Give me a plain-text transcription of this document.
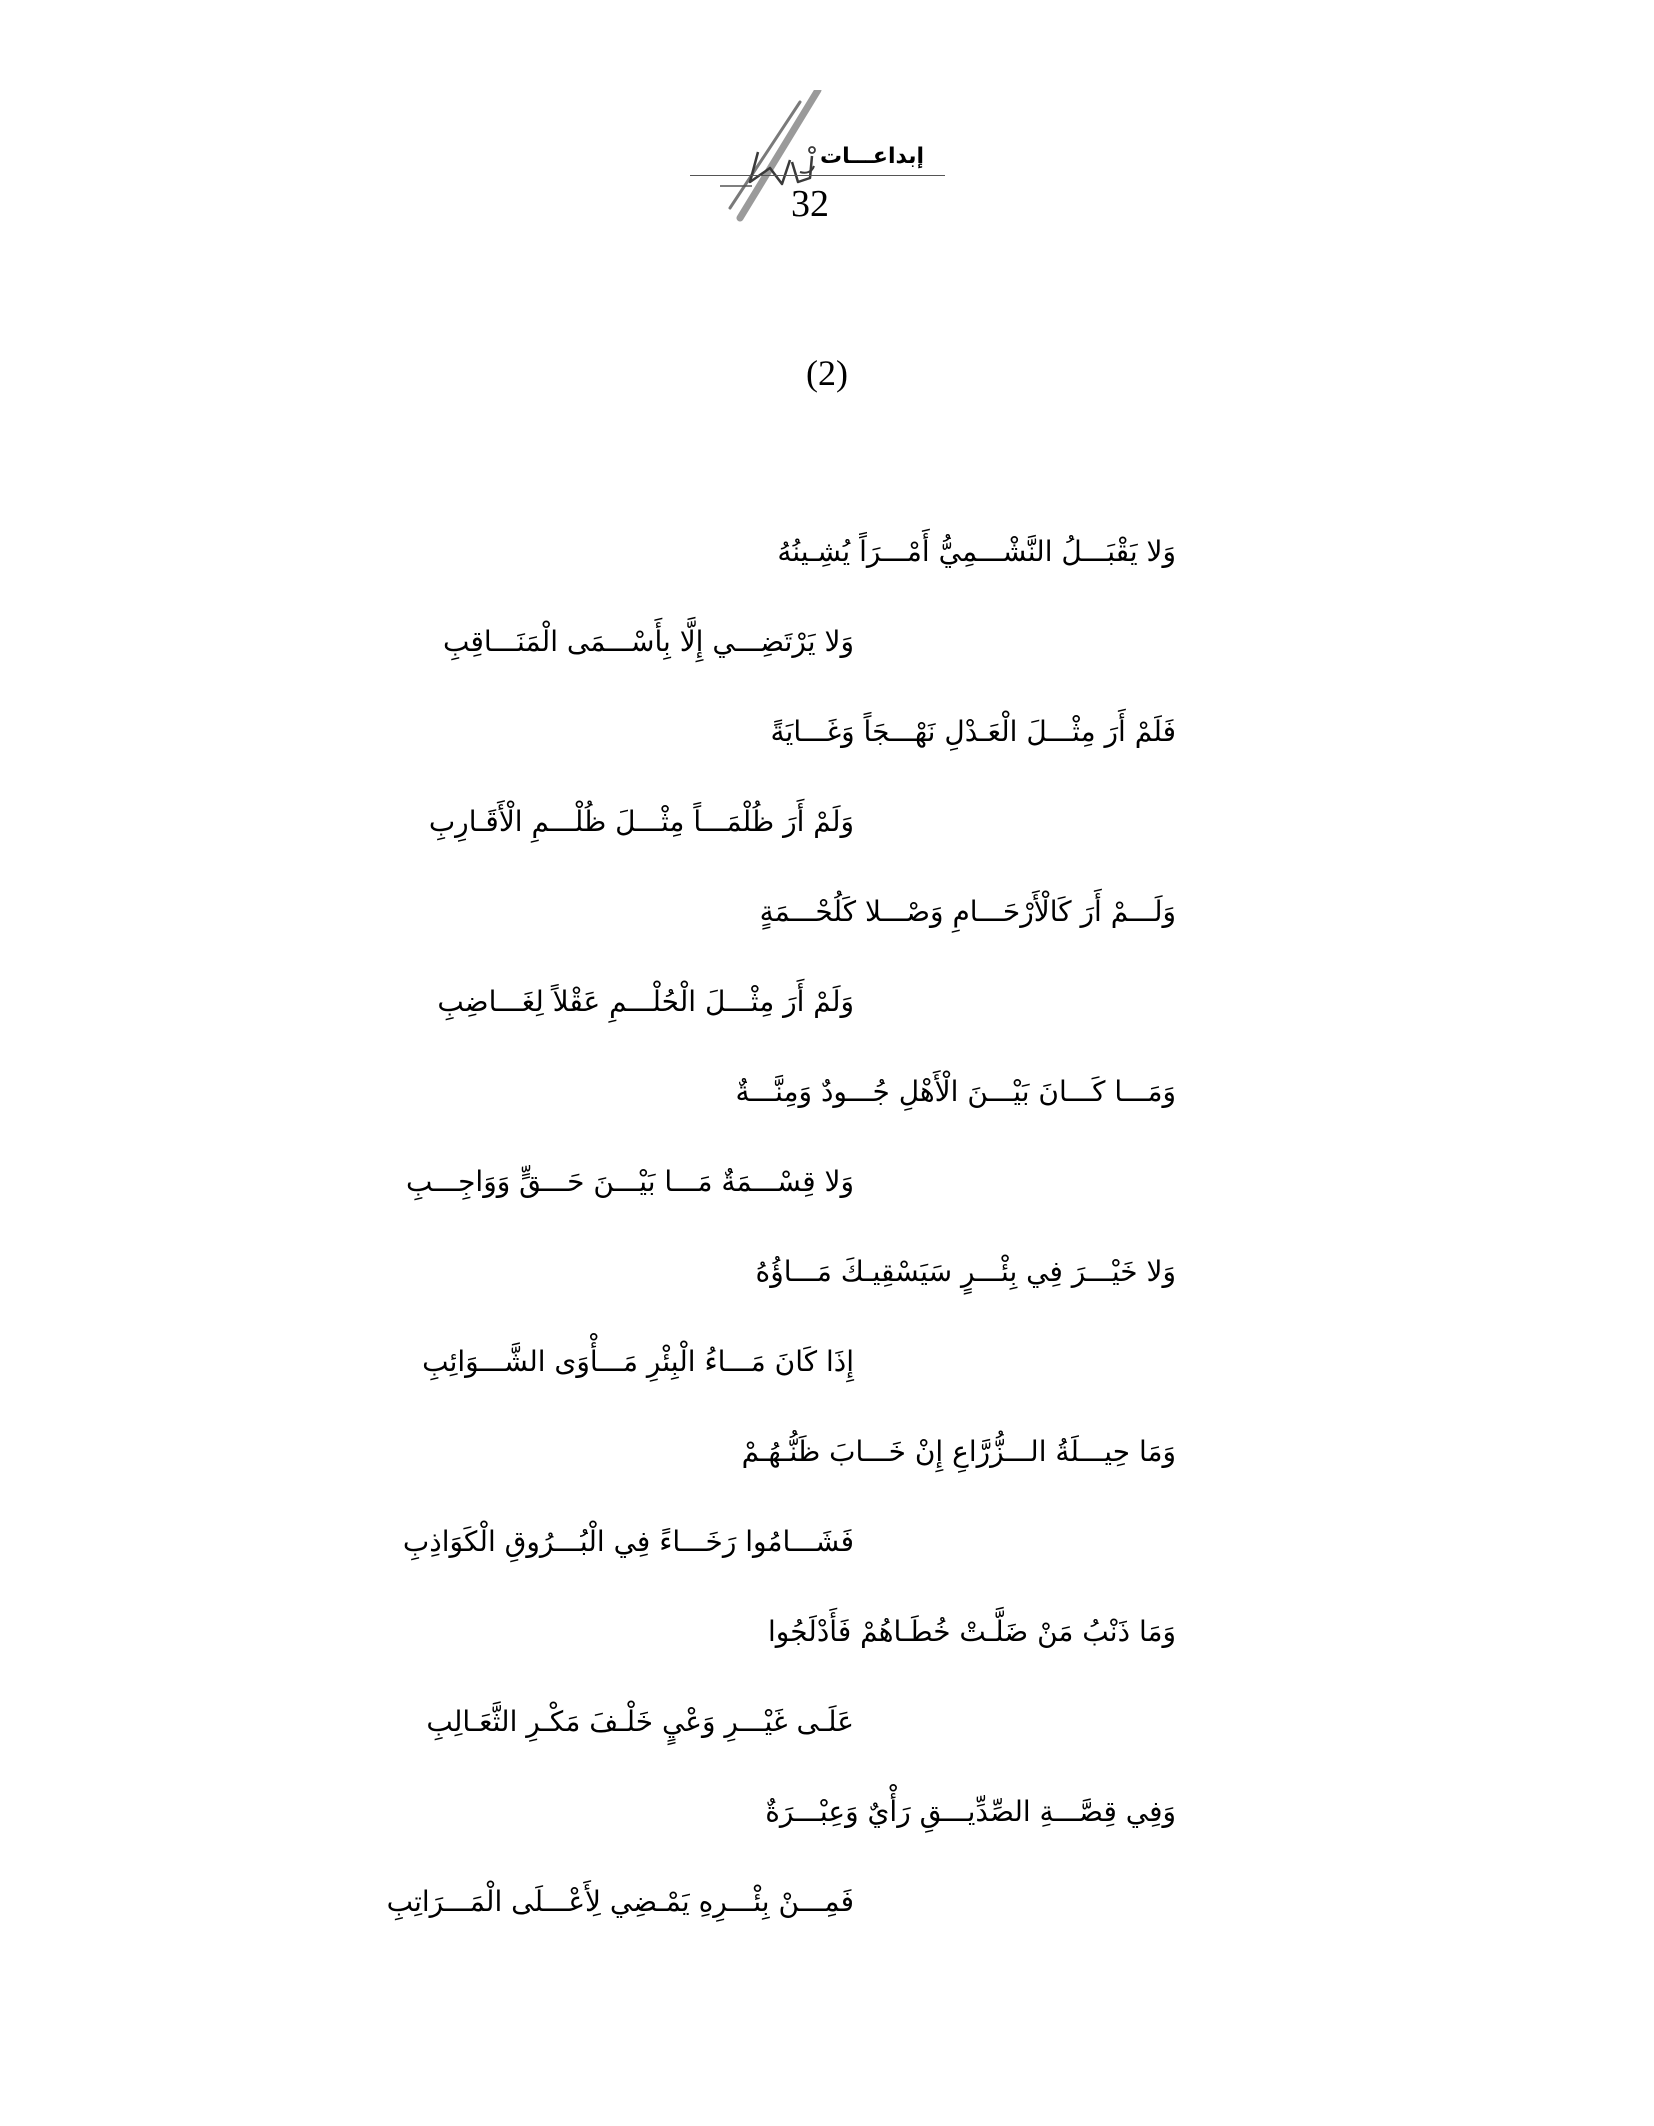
إبداعـــات
32
(2)
وَلا يَقْبَـــلُ النَّشْـــمِيُّ أَمْـــرَاً يُشِـينُهُ
وَلا يَرْتَضِـــي إِلَّا بِأَسْـــمَى الْمَنَـــاقِبِ
فَلَمْ أَرَ مِثْـــلَ الْعَـدْلِ نَهْـــجَاً وَغَـــايَةً
وَلَمْ أَرَ ظُلْمَـــاً مِثْـــلَ ظُلْـــمِ الْأَقَـارِبِ
وَلَـــمْ أَرَ كَالْأَرْحَـــامِ وَصْـــلا كَلُحْـــمَةٍ
وَلَمْ أَرَ مِثْـــلَ الْحُلْـــمِ عَقْلاً لِغَـــاضِبِ
وَمَـــا كَـــانَ بَيْـــنَ الْأَهْلِ جُـــودٌ وَمِنَّـــةٌ
وَلا قِسْـــمَةٌ مَـــا بَيْـــنَ حَـــقٍّ وَوَاجِـــبِ
وَلا خَيْـــرَ فِي بِئْـــرٍ سَيَسْقِيـكَ مَـــاؤُهُ
إِذَا كَانَ مَـــاءُ الْبِئْرِ مَـــأْوَى الشَّـــوَائِبِ
وَمَا حِيـــلَةُ الـــزُّرَّاعِ إِنْ خَـــابَ ظَنُّـهُـمْ
فَشَـــامُوا رَخَـــاءً فِي الْبُـــرُوقِ الْكَوَاذِبِ
وَمَا ذَنْبُ مَنْ ضَلَّـتْ خُطَـاهُمْ فَأَدْلَجُوا
عَلَـى غَيْـــرِ وَعْيٍ خَلْـفَ مَكْـرِ الثَّعَـالِبِ
وَفِي قِصَّـــةِ الصِّدِّيـــقِ رَأْيٌ وَعِبْـــرَةٌ
فَمِـــنْ بِئْـــرِهِ يَمْـضِي لِأَعْـــلَى الْمَـــرَاتِبِ
